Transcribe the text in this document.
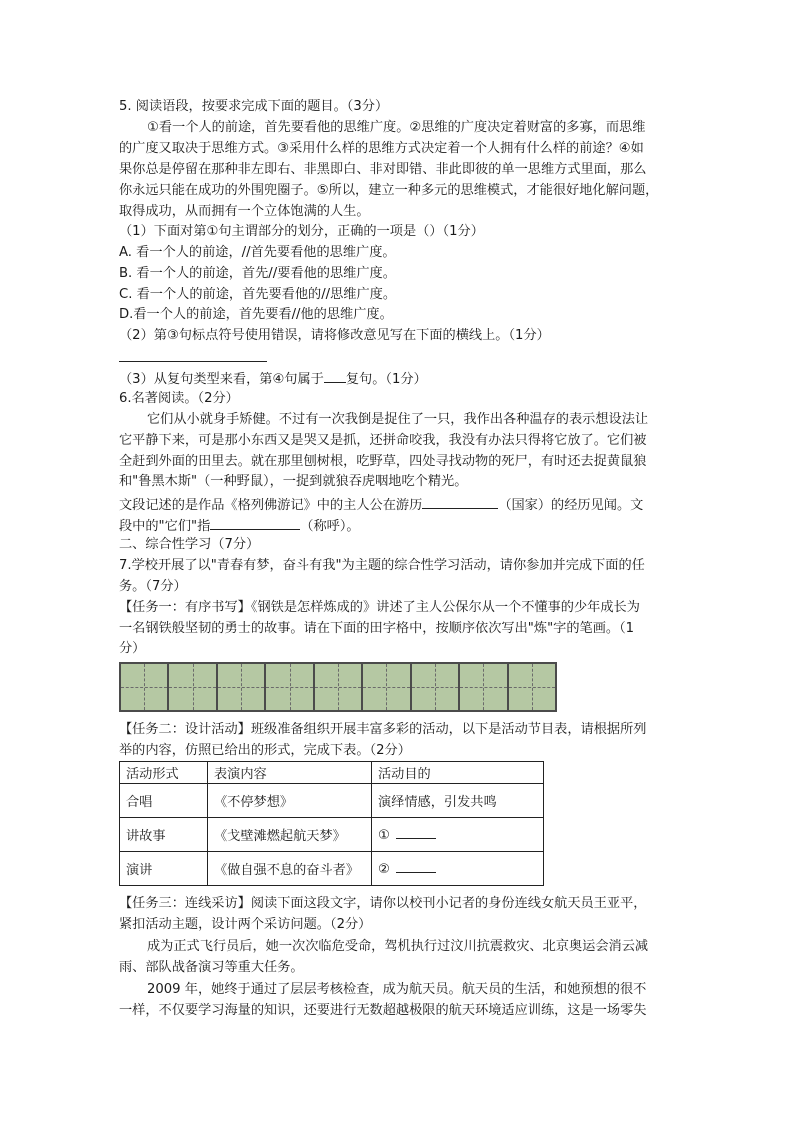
5. 阅读语段，按要求完成下面的题目。（3分）
①看一个人的前途，首先要看他的思维广度。②思维的广度决定着财富的多寡，而思维
的广度又取决于思维方式。③采用什么样的思维方式决定着一个人拥有什么样的前途？④如
果你总是停留在那种非左即右、非黑即白、非对即错、非此即彼的单一思维方式里面，那么
你永远只能在成功的外围兜圈子。⑤所以，建立一种多元的思维模式，才能很好地化解问题，
取得成功，从而拥有一个立体饱满的人生。
（1）下面对第①句主谓部分的划分，正确的一项是（）（1分）
A. 看一个人的前途，//首先要看他的思维广度。
B. 看一个人的前途，首先//要看他的思维广度。
C. 看一个人的前途，首先要看他的//思维广度。
D.看一个人的前途，首先要看//他的思维广度。
（2）第③句标点符号使用错误，请将修改意见写在下面的横线上。（1分）
（3）从复句类型来看，第④句属于 复句。（1分）
6.名著阅读。（2分）
它们从小就身手矫健。不过有一次我倒是捉住了一只，我作出各种温存的表示想设法让
它平静下来，可是那小东西又是哭又是抓，还拼命咬我，我没有办法只得将它放了。它们被
全赶到外面的田里去。就在那里刨树根，吃野草，四处寻找动物的死尸，有时还去捉黄鼠狼
和"鲁黑木斯"（一种野鼠），一捉到就狼吞虎咽地吃个精光。
文段记述的是作品《格列佛游记》中的主人公在游历	（国家）的经历见闻。文
段中的"它们"指	（称呼）。
二、综合性学习（7分）
7.学校开展了以"青春有梦，奋斗有我"为主题的综合性学习活动，请你参加并完成下面的任
务。（7分）
【任务一：有序书写】《钢铁是怎样炼成的》讲述了主人公保尔从一个不懂事的少年成长为
一名钢铁般坚韧的勇士的故事。请在下面的田字格中，按顺序依次写出"炼"字的笔画。（1
分）
【任务二：设计活动】班级准备组织开展丰富多彩的活动，以下是活动节目表，请根据所列
举的内容，仿照已给出的形式，完成下表。（2分）
活动形式	表演内容	活动目的
合唱	《不停梦想》	演绎情感，引发共鸣
讲故事	《戈壁滩燃起航天梦》	①
演讲	《做自强不息的奋斗者》	②
【任务三：连线采访】阅读下面这段文字，请你以校刊小记者的身份连线女航天员王亚平，
紧扣活动主题，设计两个采访问题。（2分）
成为正式飞行员后，她一次次临危受命，驾机执行过汶川抗震救灾、北京奥运会消云减
雨、部队战备演习等重大任务。
2009 年，她终于通过了层层考核检查，成为航天员。航天员的生活，和她预想的很不
一样，不仅要学习海量的知识，还要进行无数超越极限的航天环境适应训练，这是一场零失
